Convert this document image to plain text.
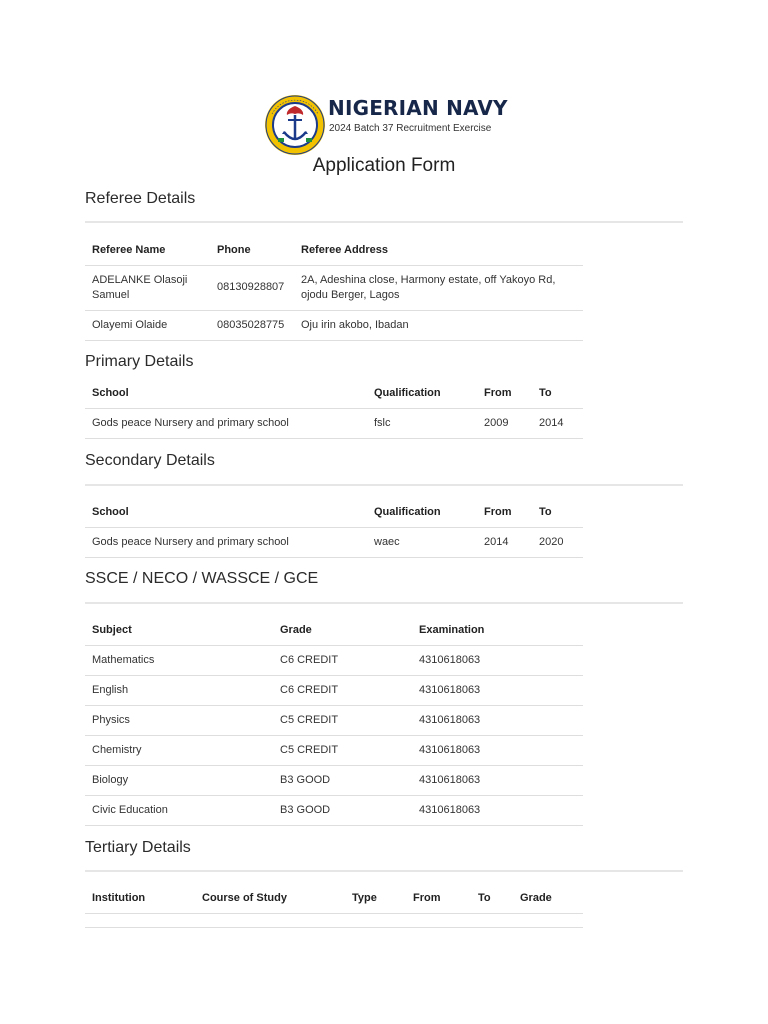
NIGERIAN NAVY
2024 Batch 37 Recruitment Exercise
Application Form
Referee Details
Referee Name	Phone	Referee Address
ADELANKE Olasoji Samuel	08130928807	2A, Adeshina close, Harmony estate, off Yakoyo Rd, ojodu Berger, Lagos
Olayemi Olaide	08035028775	Oju irin akobo, Ibadan
Primary Details
School	Qualification	From	To
Gods peace Nursery and primary school	fslc	2009	2014
Secondary Details
School	Qualification	From	To
Gods peace Nursery and primary school	waec	2014	2020
SSCE / NECO / WASSCE / GCE
Subject	Grade	Examination
Mathematics	C6 CREDIT	4310618063
English	C6 CREDIT	4310618063
Physics	C5 CREDIT	4310618063
Chemistry	C5 CREDIT	4310618063
Biology	B3 GOOD	4310618063
Civic Education	B3 GOOD	4310618063
Tertiary Details
Institution	Course of Study	Type	From	To	Grade
